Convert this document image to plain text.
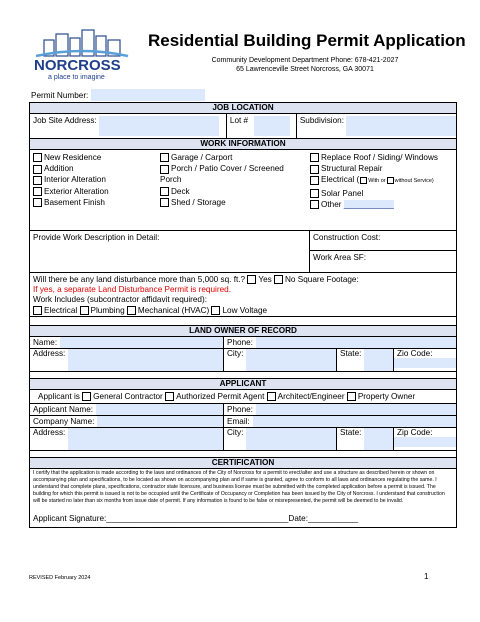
NORCROSS
a place to imagine
Residential Building Permit Application
Community Development Department Phone: 678-421-2027
65 Lawrenceville Street Norcross, GA 30071
Permit Number:
JOB LOCATION
Job Site Address:	Lot #	Subdivision:
WORK INFORMATION
New Residence
Addition
Interior Alteration
Exterior Alteration
Basement Finish
Garage / Carport
Porch / Patio Cover / Screened
Porch
Deck
Shed / Storage
Replace Roof / Siding/ Windows
Structural Repair
Electrical ( With or without Service)
Solar Panel
Other ___________
Provide Work Description in Detail:	Construction Cost:
Work Area SF:
Will there be any land disturbance more than 5,000 sq. ft.? Yes No Square Footage:
If yes, a separate Land Disturbance Permit is required.
Work Includes (subcontractor affidavit required):
Electrical Plumbing Mechanical (HVAC) Low Voltage
LAND OWNER OF RECORD
Name:	Phone:
Address:	City:	State:	Zio Code:
APPLICANT
Applicant is
General Contractor
Authorized Permit Agent
Architect/Engineer
Property Owner
Applicant Name:	Phone:
Company Name:	Email:
Address:	City:	State:	Zip Code:
CERTIFICATION
I certify that the application is made according to the laws and ordinances of the City of Norcross for a permit to erect/alter and use a structure as described herein or shown on accompanying plan and specifications, to be located as shown on accompanying plan and if same is granted, agree to conform to all laws and ordinances regulating the same. I understand that complete plans, specifications, contractor state licensure, and business license must be submitted with the completed application before a permit is issued. The building for which this permit is issued is not to be occupied until the Certificate of Occupancy or Completion has been issued by the City of Norcross. I understand that construction will be started no later than six months from issue date of permit. If any information is found to be false or misrepresented, the permit will be deemed to be invalid.
Applicant Signature:________________________________________Date:___________
REVISED February 2024	1
